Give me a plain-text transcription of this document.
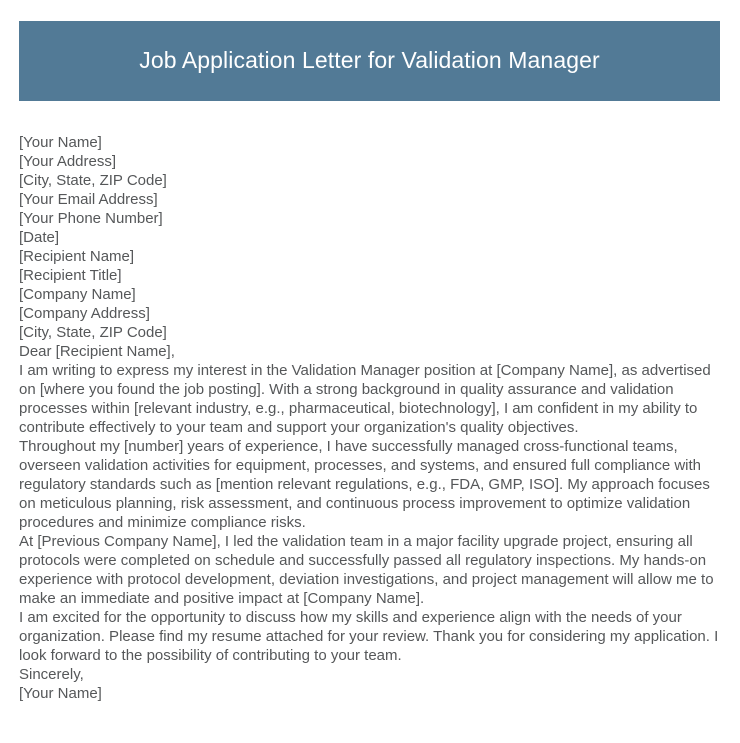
Job Application Letter for Validation Manager
[Your Name]
[Your Address]
[City, State, ZIP Code]
[Your Email Address]
[Your Phone Number]
[Date]
[Recipient Name]
[Recipient Title]
[Company Name]
[Company Address]
[City, State, ZIP Code]
Dear [Recipient Name],
I am writing to express my interest in the Validation Manager position at [Company Name], as advertised on [where you found the job posting]. With a strong background in quality assurance and validation processes within [relevant industry, e.g., pharmaceutical, biotechnology], I am confident in my ability to contribute effectively to your team and support your organization's quality objectives.
Throughout my [number] years of experience, I have successfully managed cross-functional teams, overseen validation activities for equipment, processes, and systems, and ensured full compliance with regulatory standards such as [mention relevant regulations, e.g., FDA, GMP, ISO]. My approach focuses on meticulous planning, risk assessment, and continuous process improvement to optimize validation procedures and minimize compliance risks.
At [Previous Company Name], I led the validation team in a major facility upgrade project, ensuring all protocols were completed on schedule and successfully passed all regulatory inspections. My hands-on experience with protocol development, deviation investigations, and project management will allow me to make an immediate and positive impact at [Company Name].
I am excited for the opportunity to discuss how my skills and experience align with the needs of your organization. Please find my resume attached for your review. Thank you for considering my application. I look forward to the possibility of contributing to your team.
Sincerely,
[Your Name]
